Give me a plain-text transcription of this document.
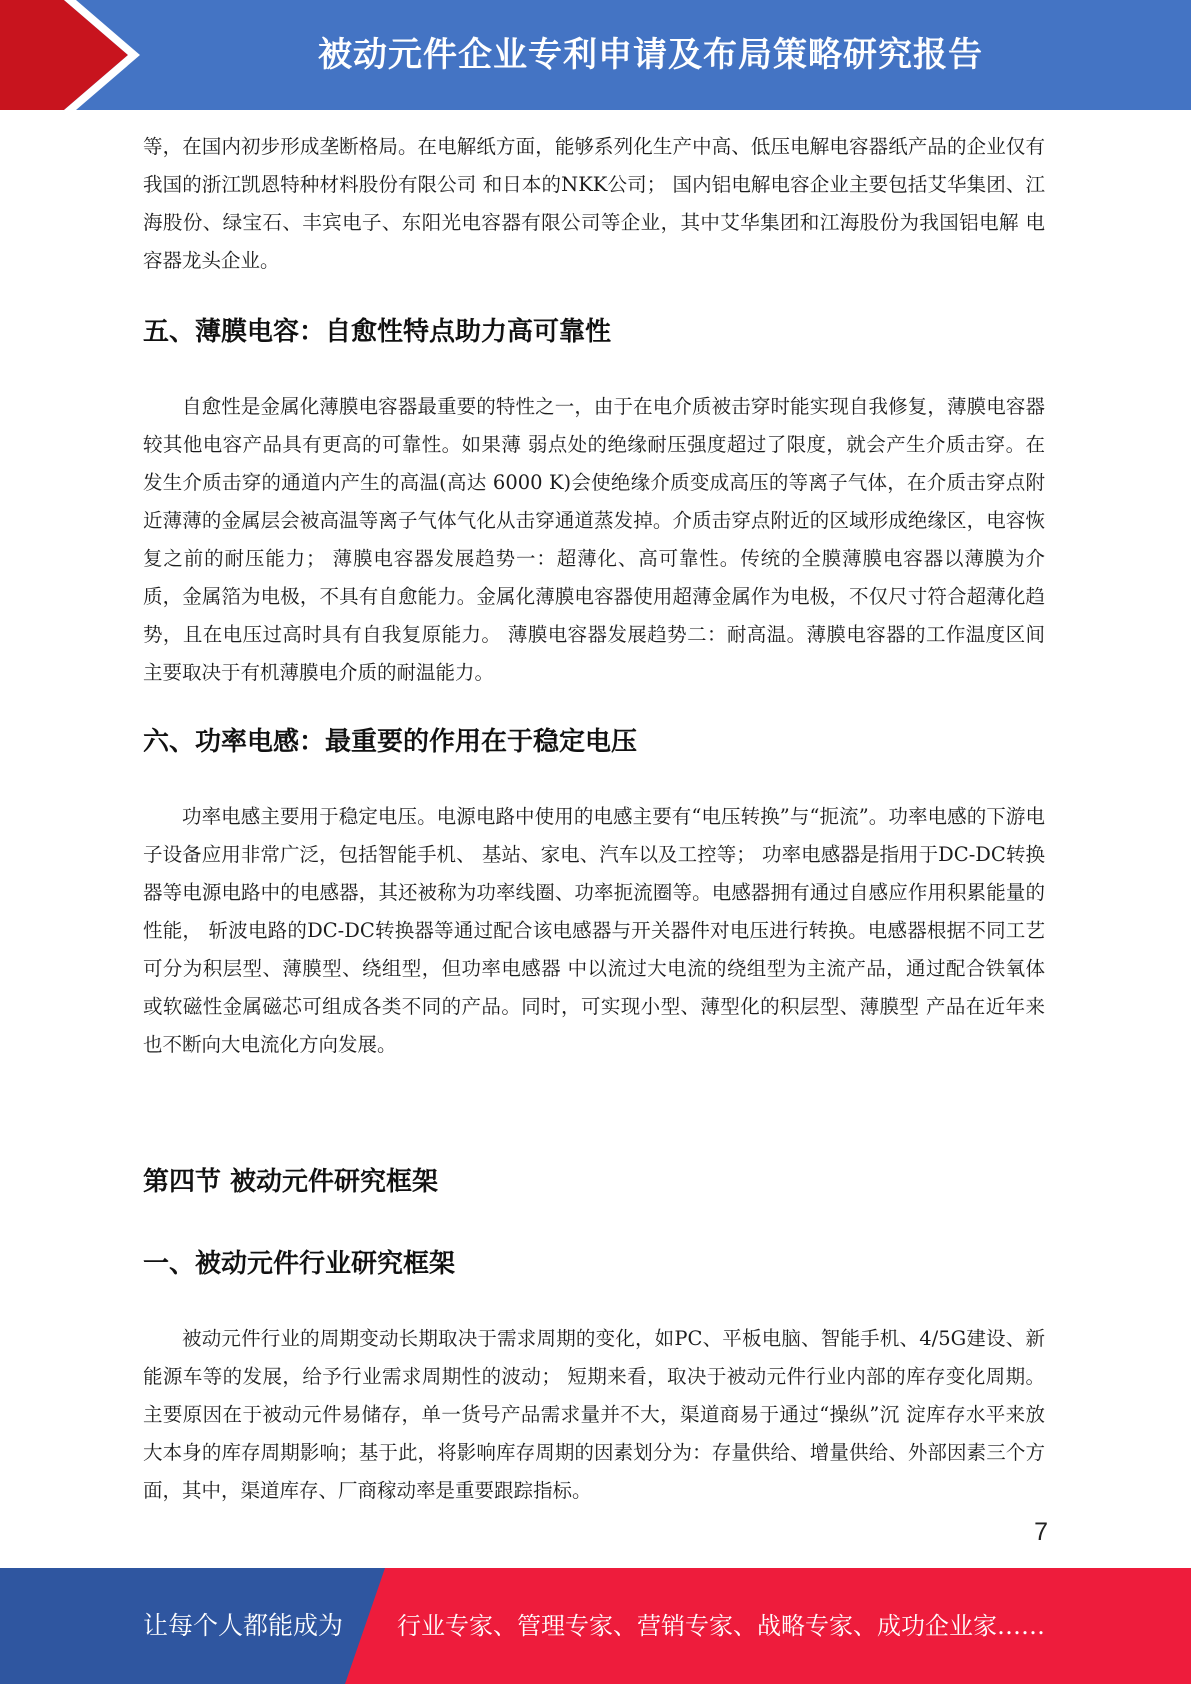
被动元件企业专利申请及布局策略研究报告

等，在国内初步形成垄断格局。在电解纸方面，能够系列化生产中高、低压电解电容器纸产品的企业仅有我国的浙江凯恩特种材料股份有限公司 和日本的NKK公司； 国内铝电解电容企业主要包括艾华集团、江海股份、绿宝石、丰宾电子、东阳光电容器有限公司等企业，其中艾华集团和江海股份为我国铝电解 电容器龙头企业。

五、薄膜电容：自愈性特点助力高可靠性

自愈性是金属化薄膜电容器最重要的特性之一，由于在电介质被击穿时能实现自我修复，薄膜电容器较其他电容产品具有更高的可靠性。如果薄 弱点处的绝缘耐压强度超过了限度，就会产生介质击穿。在发生介质击穿的通道内产生的高温(高达 6000 K)会使绝缘介质变成高压的等离子气体，在介质击穿点附近薄薄的金属层会被高温等离子气体气化从击穿通道蒸发掉。介质击穿点附近的区域形成绝缘区，电容恢复之前的耐压能力； 薄膜电容器发展趋势一：超薄化、高可靠性。传统的全膜薄膜电容器以薄膜为介质，金属箔为电极，不具有自愈能力。金属化薄膜电容器使用超薄金属作为电极，不仅尺寸符合超薄化趋势，且在电压过高时具有自我复原能力。 薄膜电容器发展趋势二：耐高温。薄膜电容器的工作温度区间主要取决于有机薄膜电介质的耐温能力。

六、功率电感：最重要的作用在于稳定电压

功率电感主要用于稳定电压。电源电路中使用的电感主要有“电压转换”与“扼流”。功率电感的下游电子设备应用非常广泛，包括智能手机、 基站、家电、汽车以及工控等； 功率电感器是指用于DC-DC转换器等电源电路中的电感器，其还被称为功率线圈、功率扼流圈等。电感器拥有通过自感应作用积累能量的性能， 斩波电路的DC-DC转换器等通过配合该电感器与开关器件对电压进行转换。电感器根据不同工艺可分为积层型、薄膜型、绕组型，但功率电感器 中以流过大电流的绕组型为主流产品，通过配合铁氧体或软磁性金属磁芯可组成各类不同的产品。同时，可实现小型、薄型化的积层型、薄膜型 产品在近年来也不断向大电流化方向发展。

第四节 被动元件研究框架
一、被动元件行业研究框架

被动元件行业的周期变动长期取决于需求周期的变化，如PC、平板电脑、智能手机、4/5G建设、新能源车等的发展，给予行业需求周期性的波动； 短期来看，取决于被动元件行业内部的库存变化周期。主要原因在于被动元件易储存，单一货号产品需求量并不大，渠道商易于通过“操纵”沉 淀库存水平来放大本身的库存周期影响；基于此，将影响库存周期的因素划分为：存量供给、增量供给、外部因素三个方面，其中，渠道库存、厂商稼动率是重要跟踪指标。

7
让每个人都能成为 行业专家、管理专家、营销专家、战略专家、成功企业家……
